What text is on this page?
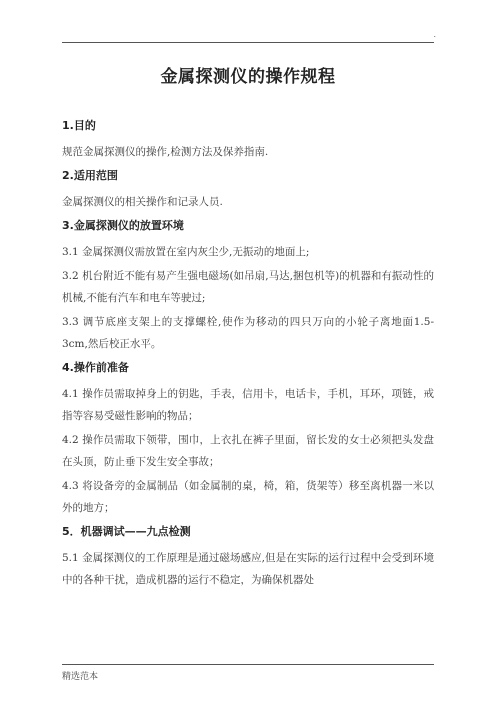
.
金属探测仪的操作规程
1.目的
规范金属探测仪的操作,检测方法及保养指南.
2.适用范围
金属探测仪的相关操作和记录人员.
3.金属探测仪的放置环境
3.1 金属探测仪需放置在室内灰尘少,无振动的地面上;
3.2 机台附近不能有易产生强电磁场(如吊扇,马达,捆包机等)的机器和有振动性的机械,不能有汽车和电车等驶过;
3.3 调节底座支架上的支撑螺栓,使作为移动的四只万向的小轮子离地面1.5-3cm,然后校正水平。
4.操作前准备
4.1 操作员需取掉身上的钥匙，手表，信用卡，电话卡，手机，耳环，项链，戒指等容易受磁性影响的物品；
4.2 操作员需取下领带，围巾，上衣扎在裤子里面，留长发的女士必须把头发盘在头顶，防止垂下发生安全事故；
4.3 将设备旁的金属制品（如金属制的桌，椅，箱，货架等）移至离机器一米以外的地方；
5．机器调试——九点检测
5.1 金属探测仪的工作原理是通过磁场感应,但是在实际的运行过程中会受到环境中的各种干扰，造成机器的运行不稳定，为确保机器处
精选范本
